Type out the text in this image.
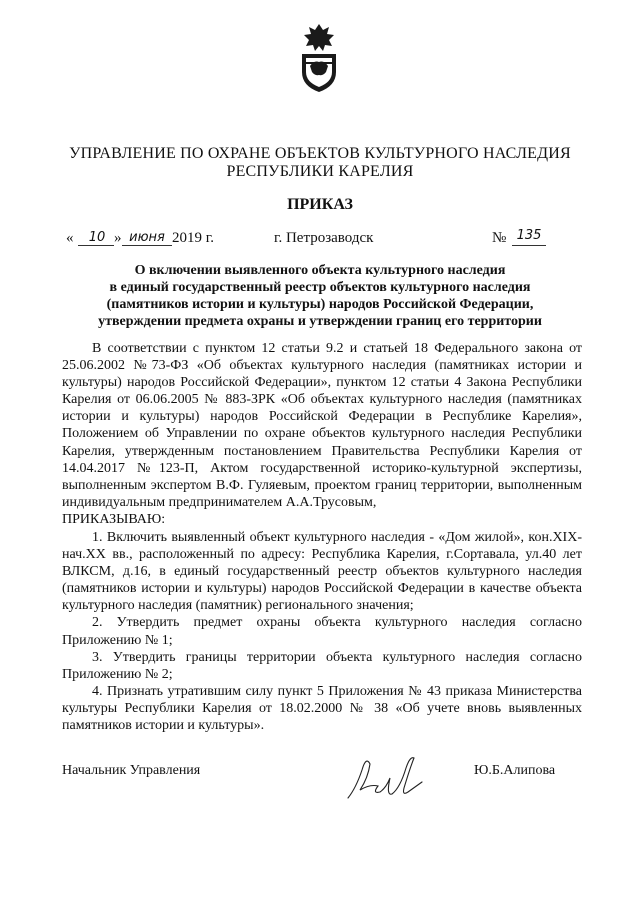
УПРАВЛЕНИЕ ПО ОХРАНЕ ОБЪЕКТОВ КУЛЬТУРНОГО НАСЛЕДИЯ
РЕСПУБЛИКИ КАРЕЛИЯ
ПРИКАЗ
«	10 » июня 2019 г.	г. Петрозаводск	№ 135
О включении выявленного объекта культурного наследия
в единый государственный реестр объектов культурного наследия
(памятников истории и культуры) народов Российской Федерации,
утверждении предмета охраны и утверждении границ его территории
В соответствии с пунктом 12 статьи 9.2 и статьей 18 Федерального закона от 25.06.2002 №73-ФЗ «Об объектах культурного наследия (памятниках истории и культуры) народов Российской Федерации», пунктом 12 статьи 4 Закона Республики Карелия от 06.06.2005 № 883-ЗРК «Об объектах культурного наследия (памятниках истории и культуры) народов Российской Федерации в Республике Карелия», Положением об Управлении по охране объектов культурного наследия Республики Карелия, утвержденным постановлением Правительства Республики Карелия от 14.04.2017 №123-П, Актом государственной историко-культурной экспертизы, выполненным экспертом В.Ф. Гуляевым, проектом границ территории, выполненным индивидуальным предпринимателем А.А.Трусовым,
ПРИКАЗЫВАЮ:
1. Включить выявленный объект культурного наследия - «Дом жилой», кон.XIX-нач.XX вв., расположенный по адресу: Республика Карелия, г.Сортавала, ул.40 лет ВЛКСМ, д.16, в единый государственный реестр объектов культурного наследия (памятников истории и культуры) народов Российской Федерации в качестве объекта культурного наследия (памятник) регионального значения;
2. Утвердить предмет охраны объекта культурного наследия согласно Приложению № 1;
3. Утвердить границы территории объекта культурного наследия согласно Приложению № 2;
4. Признать утратившим силу пункт 5 Приложения № 43 приказа Министерства культуры Республики Карелия от 18.02.2000 № 38 «Об учете вновь выявленных памятников истории и культуры».
Начальник Управления	Ю.Б.Алипова
